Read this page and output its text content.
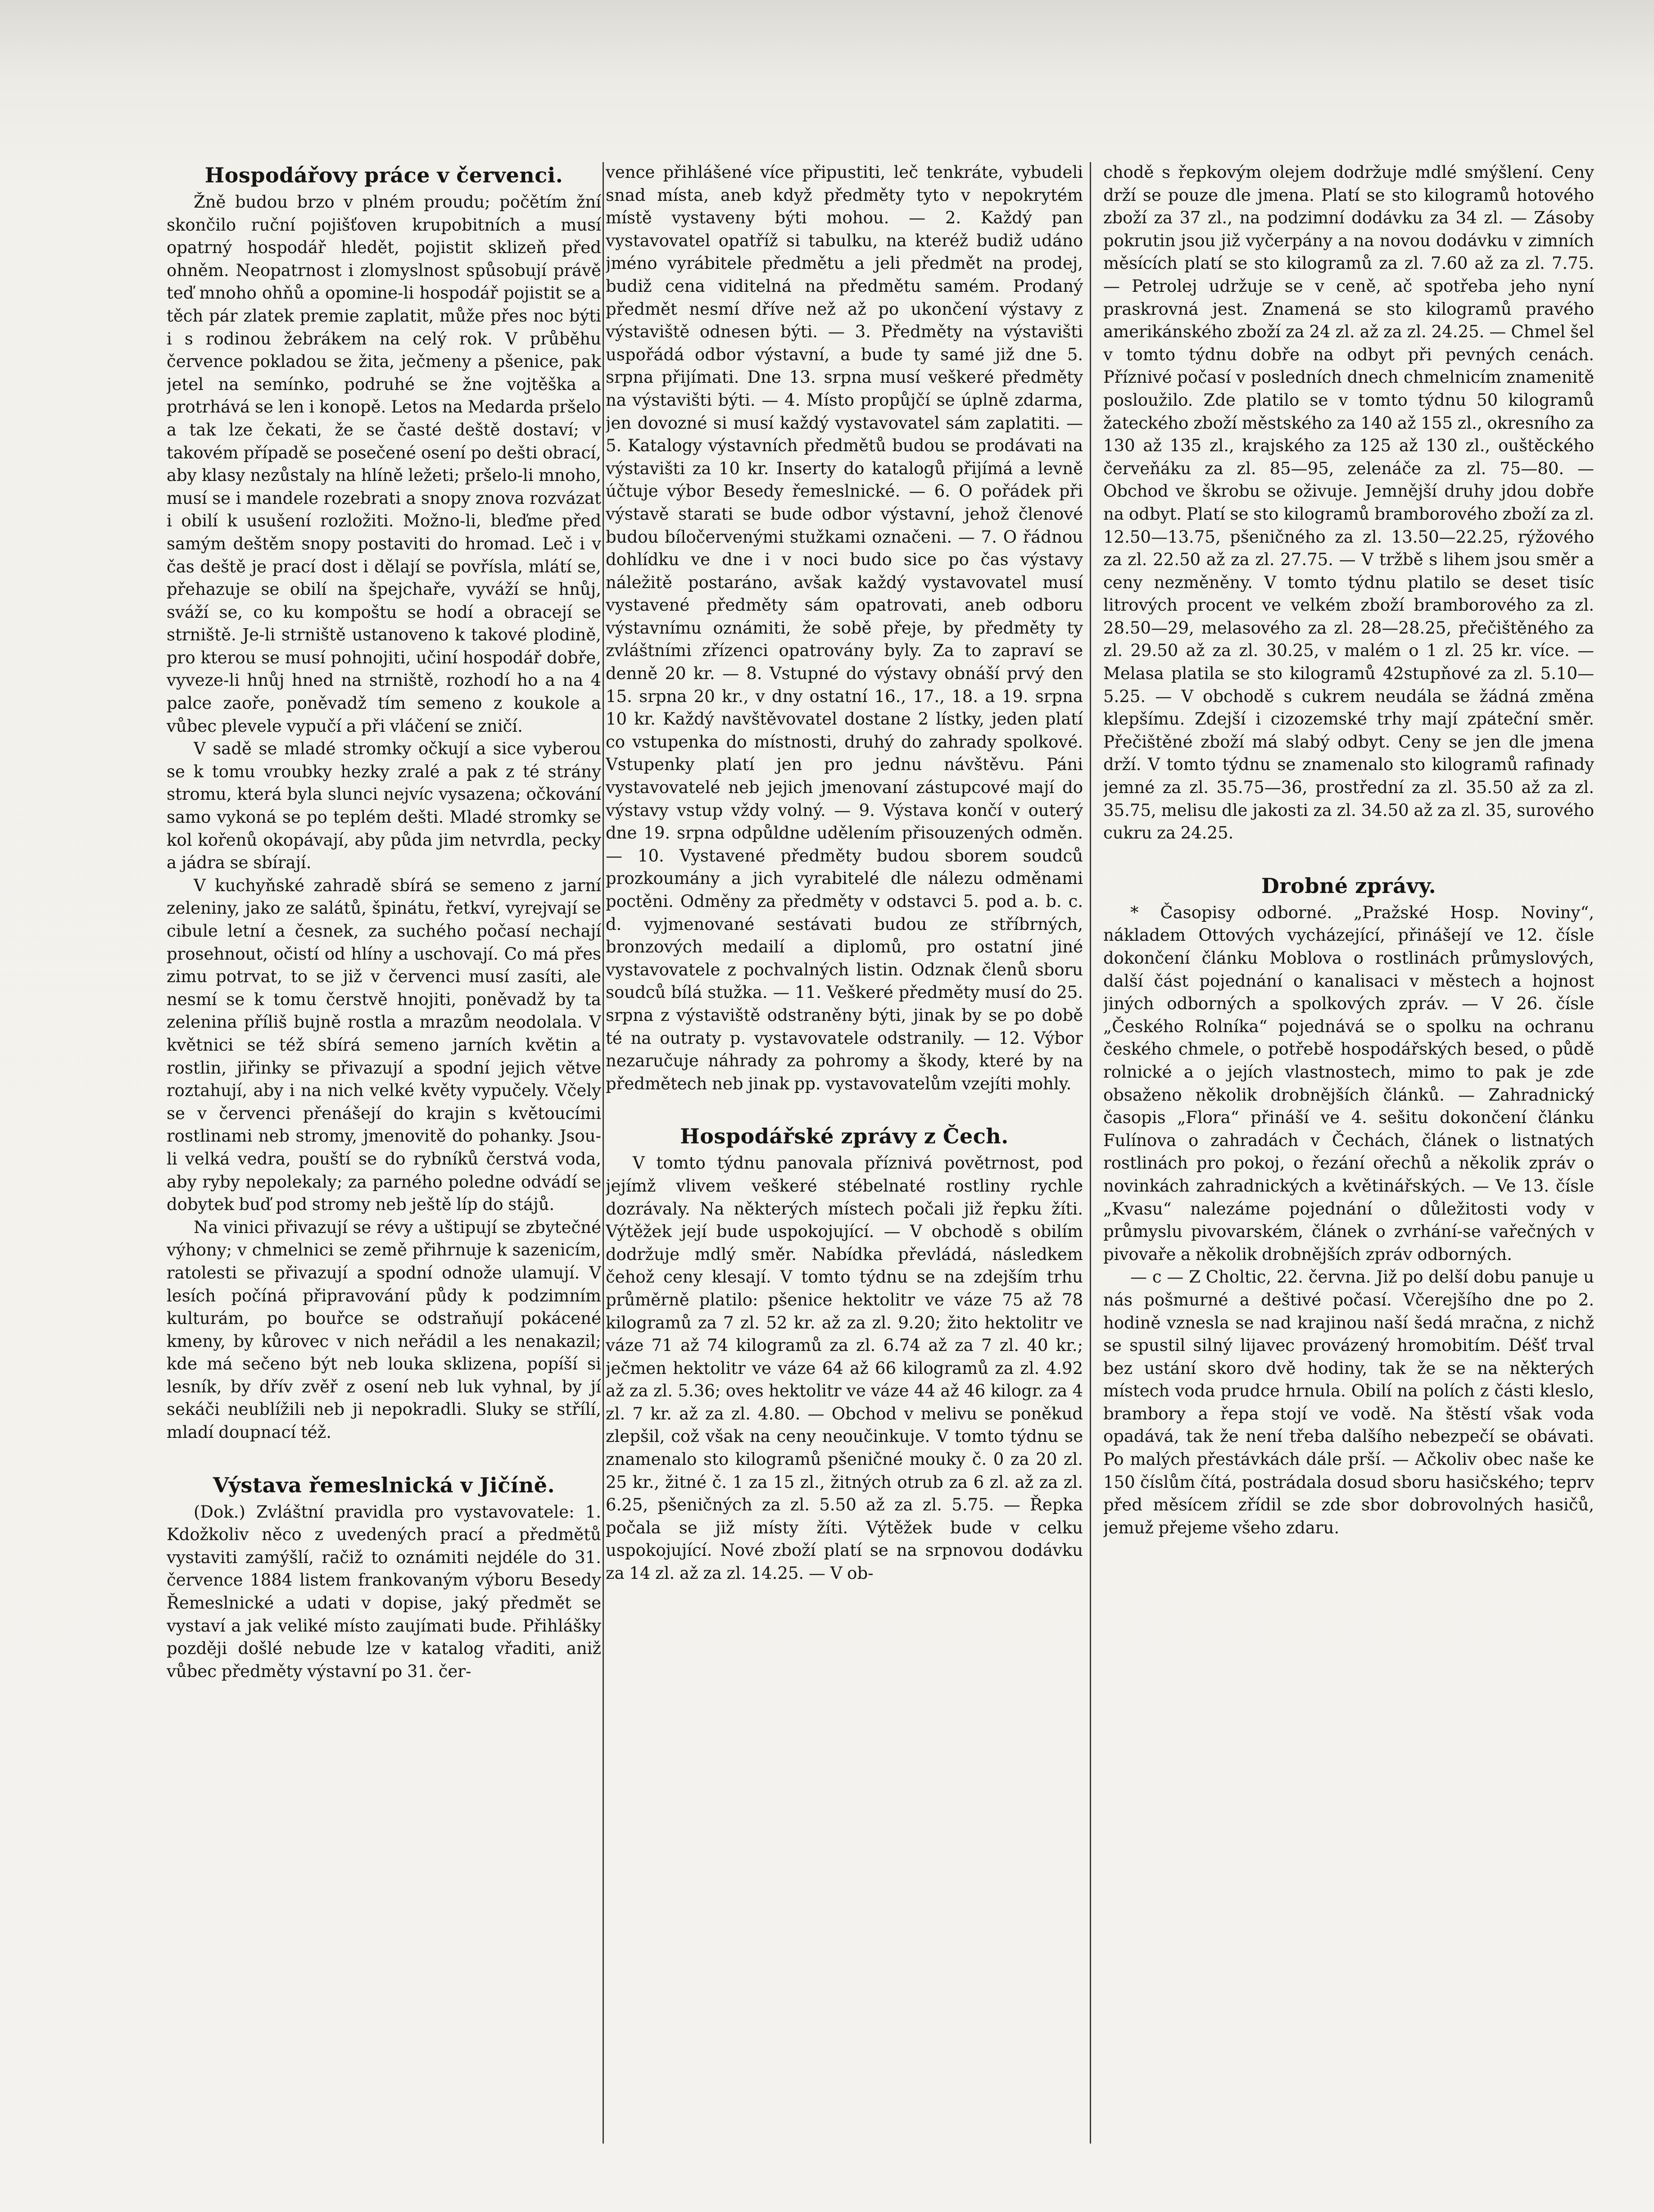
Hospodářovy práce v červenci.

Žně budou brzo v plném proudu; počětím žní skončilo ruční pojišťoven krupobitních a musí opatrný hospodář hledět, pojistit sklizeň před ohněm. Neopatrnost i zlomyslnost spůsobují právě teď mnoho ohňů a opomine-li hospodář pojistit se a těch pár zlatek premie zaplatit, může přes noc býti i s rodinou žebrákem na celý rok. V průběhu července pokladou se žita, ječmeny a pšenice, pak jetel na semínko, podruhé se žne vojtěška a protrhává se len i konopě. Letos na Medarda pršelo a tak lze čekati, že se časté deště dostaví; v takovém případě se posečené osení po dešti obrací, aby klasy nezůstaly na hlíně ležeti; pršelo-li mnoho, musí se i mandele rozebrati a snopy znova rozvázat i obilí k usušení rozložiti. Možno-li, bleďme před samým deštěm snopy postaviti do hromad. Leč i v čas deště je prací dost i dělají se povřísla, mlátí se, přehazuje se obilí na špejchaře, vyváží se hnůj, sváží se, co ku kompoštu se hodí a obracejí se strniště. Je-li strniště ustanoveno k takové plodině, pro kterou se musí pohnojiti, učiní hospodář dobře, vyveze-li hnůj hned na strniště, rozhodí ho a na 4 palce zaoře, poněvadž tím semeno z koukole a vůbec plevele vypučí a při vláčení se zničí.

V sadě se mladé stromky očkují a sice vyberou se k tomu vroubky hezky zralé a pak z té strány stromu, která byla slunci nejvíc vysazena; očkování samo vykoná se po teplém dešti. Mladé stromky se kol kořenů okopávají, aby půda jim netvrdla, pecky a jádra se sbírají.

V kuchyňské zahradě sbírá se semeno z jarní zeleniny, jako ze salátů, špinátu, řetkví, vyrejvají se cibule letní a česnek, za suchého počasí nechají prosehnout, očistí od hlíny a uschovají. Co má přes zimu potrvat, to se již v červenci musí zasíti, ale nesmí se k tomu čerstvě hnojiti, poněvadž by ta zelenina příliš bujně rostla a mrazům neodolala. V květnici se též sbírá semeno jarních květin a rostlin, jiřinky se přivazují a spodní jejich větve roztahují, aby i na nich velké květy vypučely. Včely se v červenci přenášejí do krajin s květoucími rostlinami neb stromy, jmenovitě do pohanky. Jsou-li velká vedra, pouští se do rybníků čerstvá voda, aby ryby nepolekaly; za parného poledne odvádí se dobytek buď pod stromy neb ještě líp do stájů.

Na vinici přivazují se révy a uštipují se zbytečné výhony; v chmelnici se země přihrnuje k sazenicím, ratolesti se přivazují a spodní odnože ulamují. V lesích počíná připravování půdy k podzimním kulturám, po bouřce se odstraňují pokácené kmeny, by kůrovec v nich neřádil a les nenakazil; kde má sečeno být neb louka sklizena, popíší si lesník, by dřív zvěř z osení neb luk vyhnal, by jí sekáči neublížili neb ji nepokradli. Sluky se střílí, mladí doupnací též.

Výstava řemeslnická v Jičíně.

(Dok.) Zvláštní pravidla pro vystavovatele: 1. Kdožkoliv něco z uvedených prací a předmětů vystaviti zamýšlí, račiž to oznámiti nejdéle do 31. července 1884 listem frankovaným výboru Besedy Řemeslnické a udati v dopise, jaký předmět se vystaví a jak veliké místo zaujímati bude. Přihlášky později došlé nebude lze v katalog vřaditi, aniž vůbec předměty výstavní po 31. čer-

vence přihlášené více připustiti, leč tenkráte, vybudeli snad místa, aneb když předměty tyto v nepokrytém místě vystaveny býti mohou. — 2. Každý pan vystavovatel opatříž si tabulku, na kteréž budiž udáno jméno vyrábitele předmětu a jeli předmět na prodej, budiž cena viditelná na předmětu samém. Prodaný předmět nesmí dříve než až po ukončení výstavy z výstaviště odnesen býti. — 3. Předměty na výstavišti uspořádá odbor výstavní, a bude ty samé již dne 5. srpna přijímati. Dne 13. srpna musí veškeré předměty na výstavišti býti. — 4. Místo propůjčí se úplně zdarma, jen dovozné si musí každý vystavovatel sám zaplatiti. — 5. Katalogy výstavních předmětů budou se prodávati na výstavišti za 10 kr. Inserty do katalogů přijímá a levně účtuje výbor Besedy řemeslnické. — 6. O pořádek při výstavě starati se bude odbor výstavní, jehož členové budou bíločervenými stužkami označeni. — 7. O řádnou dohlídku ve dne i v noci budo sice po čas výstavy náležitě postaráno, avšak každý vystavovatel musí vystavené předměty sám opatrovati, aneb odboru výstavnímu oznámiti, že sobě přeje, by předměty ty zvláštními zřízenci opatrovány byly. Za to zapraví se denně 20 kr. — 8. Vstupné do výstavy obnáší prvý den 15. srpna 20 kr., v dny ostatní 16., 17., 18. a 19. srpna 10 kr. Každý navštěvovatel dostane 2 lístky, jeden platí co vstupenka do místnosti, druhý do zahrady spolkové. Vstupenky platí jen pro jednu návštěvu. Páni vystavovatelé neb jejich jmenovaní zástupcové mají do výstavy vstup vždy volný. — 9. Výstava končí v outerý dne 19. srpna odpůldne udělením přisouzených odměn. — 10. Vystavené předměty budou sborem soudců prozkoumány a jich vyrabitelé dle nálezu odměnami poctěni. Odměny za předměty v odstavci 5. pod a. b. c. d. vyjmenované sestávati budou ze stříbrných, bronzových medailí a diplomů, pro ostatní jiné vystavovatele z pochvalných listin. Odznak členů sboru soudců bílá stužka. — 11. Veškeré předměty musí do 25. srpna z výstaviště odstraněny býti, jinak by se po době té na outraty p. vystavovatele odstranily. — 12. Výbor nezaručuje náhrady za pohromy a škody, které by na předmětech neb jinak pp. vystavovatelům vzejíti mohly.

Hospodářské zprávy z Čech.

V tomto týdnu panovala příznivá povětrnost, pod jejímž vlivem veškeré stébelnaté rostliny rychle dozrávaly. Na některých místech počali již řepku žíti. Výtěžek její bude uspokojující. — V obchodě s obilím dodržuje mdlý směr. Nabídka převládá, následkem čehož ceny klesají. V tomto týdnu se na zdejším trhu průměrně platilo: pšenice hektolitr ve váze 75 až 78 kilogramů za 7 zl. 52 kr. až za zl. 9.20; žito hektolitr ve váze 71 až 74 kilogramů za zl. 6.74 až za 7 zl. 40 kr.; ječmen hektolitr ve váze 64 až 66 kilogramů za zl. 4.92 až za zl. 5.36; oves hektolitr ve váze 44 až 46 kilogr. za 4 zl. 7 kr. až za zl. 4.80. — Obchod v melivu se poněkud zlepšil, což však na ceny neoučinkuje. V tomto týdnu se znamenalo sto kilogramů pšeničné mouky č. 0 za 20 zl. 25 kr., žitné č. 1 za 15 zl., žitných otrub za 6 zl. až za zl. 6.25, pšeničných za zl. 5.50 až za zl. 5.75. — Řepka počala se již místy žíti. Výtěžek bude v celku uspokojující. Nové zboží platí se na srpnovou dodávku za 14 zl. až za zl. 14.25. — V ob-

chodě s řepkovým olejem dodržuje mdlé smýšlení. Ceny drží se pouze dle jmena. Platí se sto kilogramů hotového zboží za 37 zl., na podzimní dodávku za 34 zl. — Zásoby pokrutin jsou již vyčerpány a na novou dodávku v zimních měsících platí se sto kilogramů za zl. 7.60 až za zl. 7.75. — Petrolej udržuje se v ceně, ač spotřeba jeho nyní praskrovná jest. Znamená se sto kilogramů pravého amerikánského zboží za 24 zl. až za zl. 24.25. — Chmel šel v tomto týdnu dobře na odbyt při pevných cenách. Příznivé počasí v posledních dnech chmelnicím znamenitě posloužilo. Zde platilo se v tomto týdnu 50 kilogramů žateckého zboží městského za 140 až 155 zl., okresního za 130 až 135 zl., krajského za 125 až 130 zl., ouštěckého červeňáku za zl. 85—95, zelenáče za zl. 75—80. — Obchod ve škrobu se oživuje. Jemnější druhy jdou dobře na odbyt. Platí se sto kilogramů bramborového zboží za zl. 12.50—13.75, pšeničného za zl. 13.50—22.25, rýžového za zl. 22.50 až za zl. 27.75. — V tržbě s lihem jsou směr a ceny nezměněny. V tomto týdnu platilo se deset tisíc litrových procent ve velkém zboží bramborového za zl. 28.50—29, melasového za zl. 28—28.25, přečištěného za zl. 29.50 až za zl. 30.25, v malém o 1 zl. 25 kr. více. — Melasa platila se sto kilogramů 42stupňové za zl. 5.10—5.25. — V obchodě s cukrem neudála se žádná změna klepšímu. Zdejší i cizozemské trhy mají zpáteční směr. Přečištěné zboží má slabý odbyt. Ceny se jen dle jmena drží. V tomto týdnu se znamenalo sto kilogramů rafinady jemné za zl. 35.75—36, prostřední za zl. 35.50 až za zl. 35.75, melisu dle jakosti za zl. 34.50 až za zl. 35, surového cukru za 24.25.

Drobné zprávy.

* Časopisy odborné. „Pražské Hosp. Noviny“, nákladem Ottových vycházející, přinášejí ve 12. čísle dokončení článku Moblova o rostlinách průmyslových, další část pojednání o kanalisaci v městech a hojnost jiných odborných a spolkových zpráv. — V 26. čísle „Českého Rolníka“ pojednává se o spolku na ochranu českého chmele, o potřebě hospodářských besed, o půdě rolnické a o jejích vlastnostech, mimo to pak je zde obsaženo několik drobnějších článků. — Zahradnický časopis „Flora“ přináší ve 4. sešitu dokončení článku Fulínova o zahradách v Čechách, článek o listnatých rostlinách pro pokoj, o řezání ořechů a několik zpráv o novinkách zahradnických a květinářských. — Ve 13. čísle „Kvasu“ nalezáme pojednání o důležitosti vody v průmyslu pivovarském, článek o zvrhání-se vařečných v pivovaře a několik drobnějších zpráv odborných.

— c — Z Choltic, 22. června. Již po delší dobu panuje u nás pošmurné a deštivé počasí. Včerejšího dne po 2. hodině vznesla se nad krajinou naší šedá mračna, z nichž se spustil silný lijavec provázený hromobitím. Déšť trval bez ustání skoro dvě hodiny, tak že se na některých místech voda prudce hrnula. Obilí na polích z části kleslo, brambory a řepa stojí ve vodě. Na štěstí však voda opadává, tak že není třeba dalšího nebezpečí se obávati. Po malých přestávkách dále prší. — Ačkoliv obec naše ke 150 číslům čítá, postrádala dosud sboru hasičského; teprv před měsícem zřídil se zde sbor dobrovolných hasičů, jemuž přejeme všeho zdaru.
